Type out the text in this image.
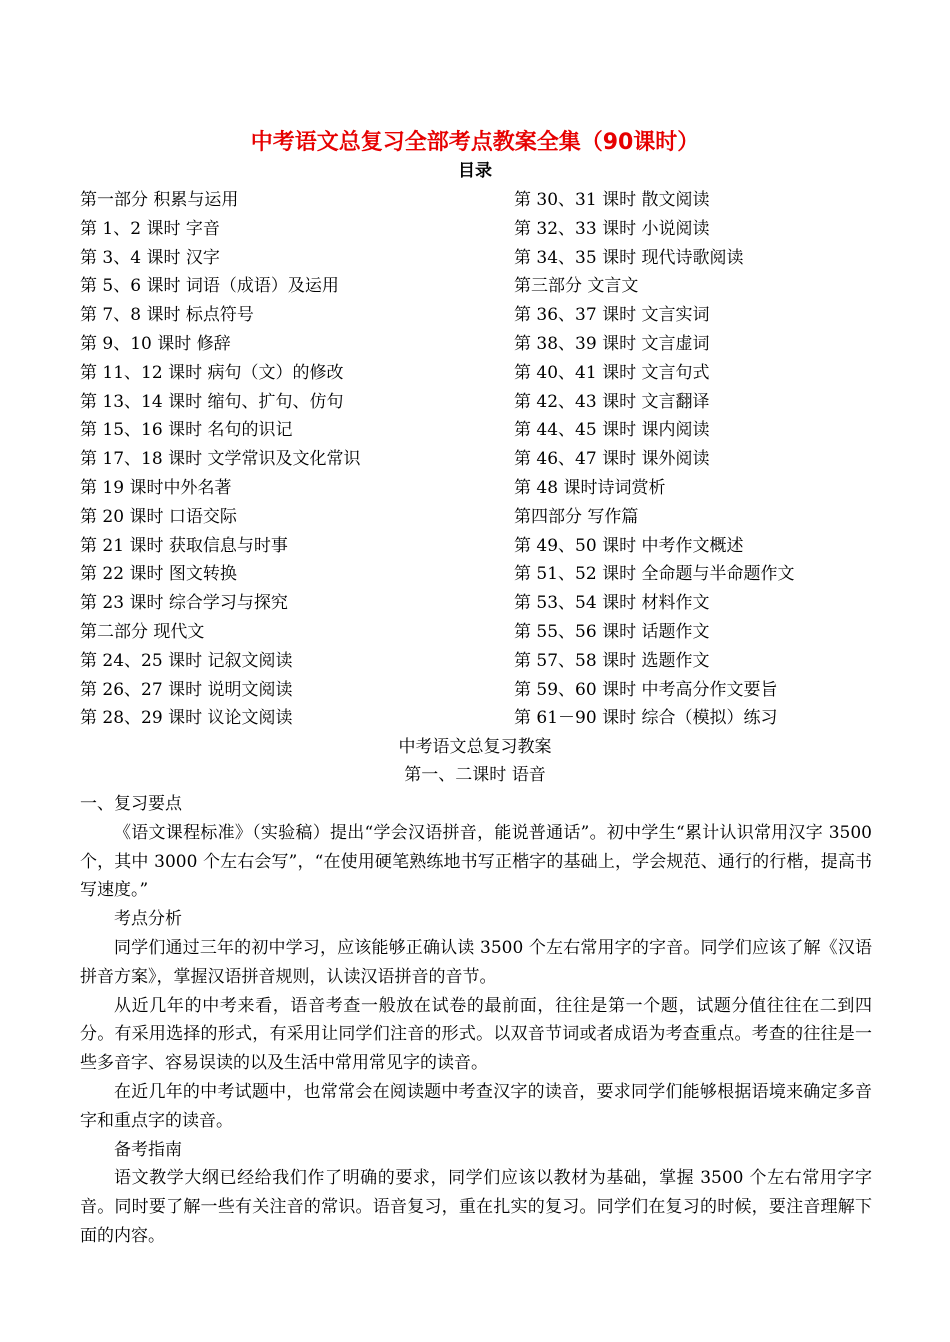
中考语文总复习全部考点教案全集（90课时）
目录
第一部分 积累与运用
第 1、2 课时 字音
第 3、4 课时 汉字
第 5、6 课时 词语（成语）及运用
第 7、8 课时 标点符号
第 9、10 课时 修辞
第 11、12 课时 病句（文）的修改
第 13、14 课时 缩句、扩句、仿句
第 15、16 课时 名句的识记
第 17、18 课时 文学常识及文化常识
第 19 课时中外名著
第 20 课时 口语交际
第 21 课时 获取信息与时事
第 22 课时 图文转换
第 23 课时 综合学习与探究
第二部分 现代文
第 24、25 课时 记叙文阅读
第 26、27 课时 说明文阅读
第 28、29 课时 议论文阅读
第 30、31 课时 散文阅读
第 32、33 课时 小说阅读
第 34、35 课时 现代诗歌阅读
第三部分 文言文
第 36、37 课时 文言实词
第 38、39 课时 文言虚词
第 40、41 课时 文言句式
第 42、43 课时 文言翻译
第 44、45 课时 课内阅读
第 46、47 课时 课外阅读
第 48 课时诗词赏析
第四部分 写作篇
第 49、50 课时 中考作文概述
第 51、52 课时 全命题与半命题作文
第 53、54 课时 材料作文
第 55、56 课时 话题作文
第 57、58 课时 选题作文
第 59、60 课时 中考高分作文要旨
第 61－90 课时 综合（模拟）练习
中考语文总复习教案
第一、二课时 语音

一、复习要点

《语文课程标准》（实验稿）提出“学会汉语拼音，能说普通话”。初中学生“累计认识常用汉字 3500 个，其中 3000 个左右会写”，“在使用硬笔熟练地书写正楷字的基础上，学会规范、通行的行楷，提高书写速度。”

考点分析

同学们通过三年的初中学习，应该能够正确认读 3500 个左右常用字的字音。同学们应该了解《汉语拼音方案》，掌握汉语拼音规则，认读汉语拼音的音节。

从近几年的中考来看，语音考查一般放在试卷的最前面，往往是第一个题，试题分值往往在二到四分。有采用选择的形式，有采用让同学们注音的形式。以双音节词或者成语为考查重点。考查的往往是一些多音字、容易误读的以及生活中常用常见字的读音。

在近几年的中考试题中，也常常会在阅读题中考查汉字的读音，要求同学们能够根据语境来确定多音字和重点字的读音。

备考指南

语文教学大纲已经给我们作了明确的要求，同学们应该以教材为基础，掌握 3500 个左右常用字字音。同时要了解一些有关注音的常识。语音复习，重在扎实的复习。同学们在复习的时候，要注音理解下面的内容。
